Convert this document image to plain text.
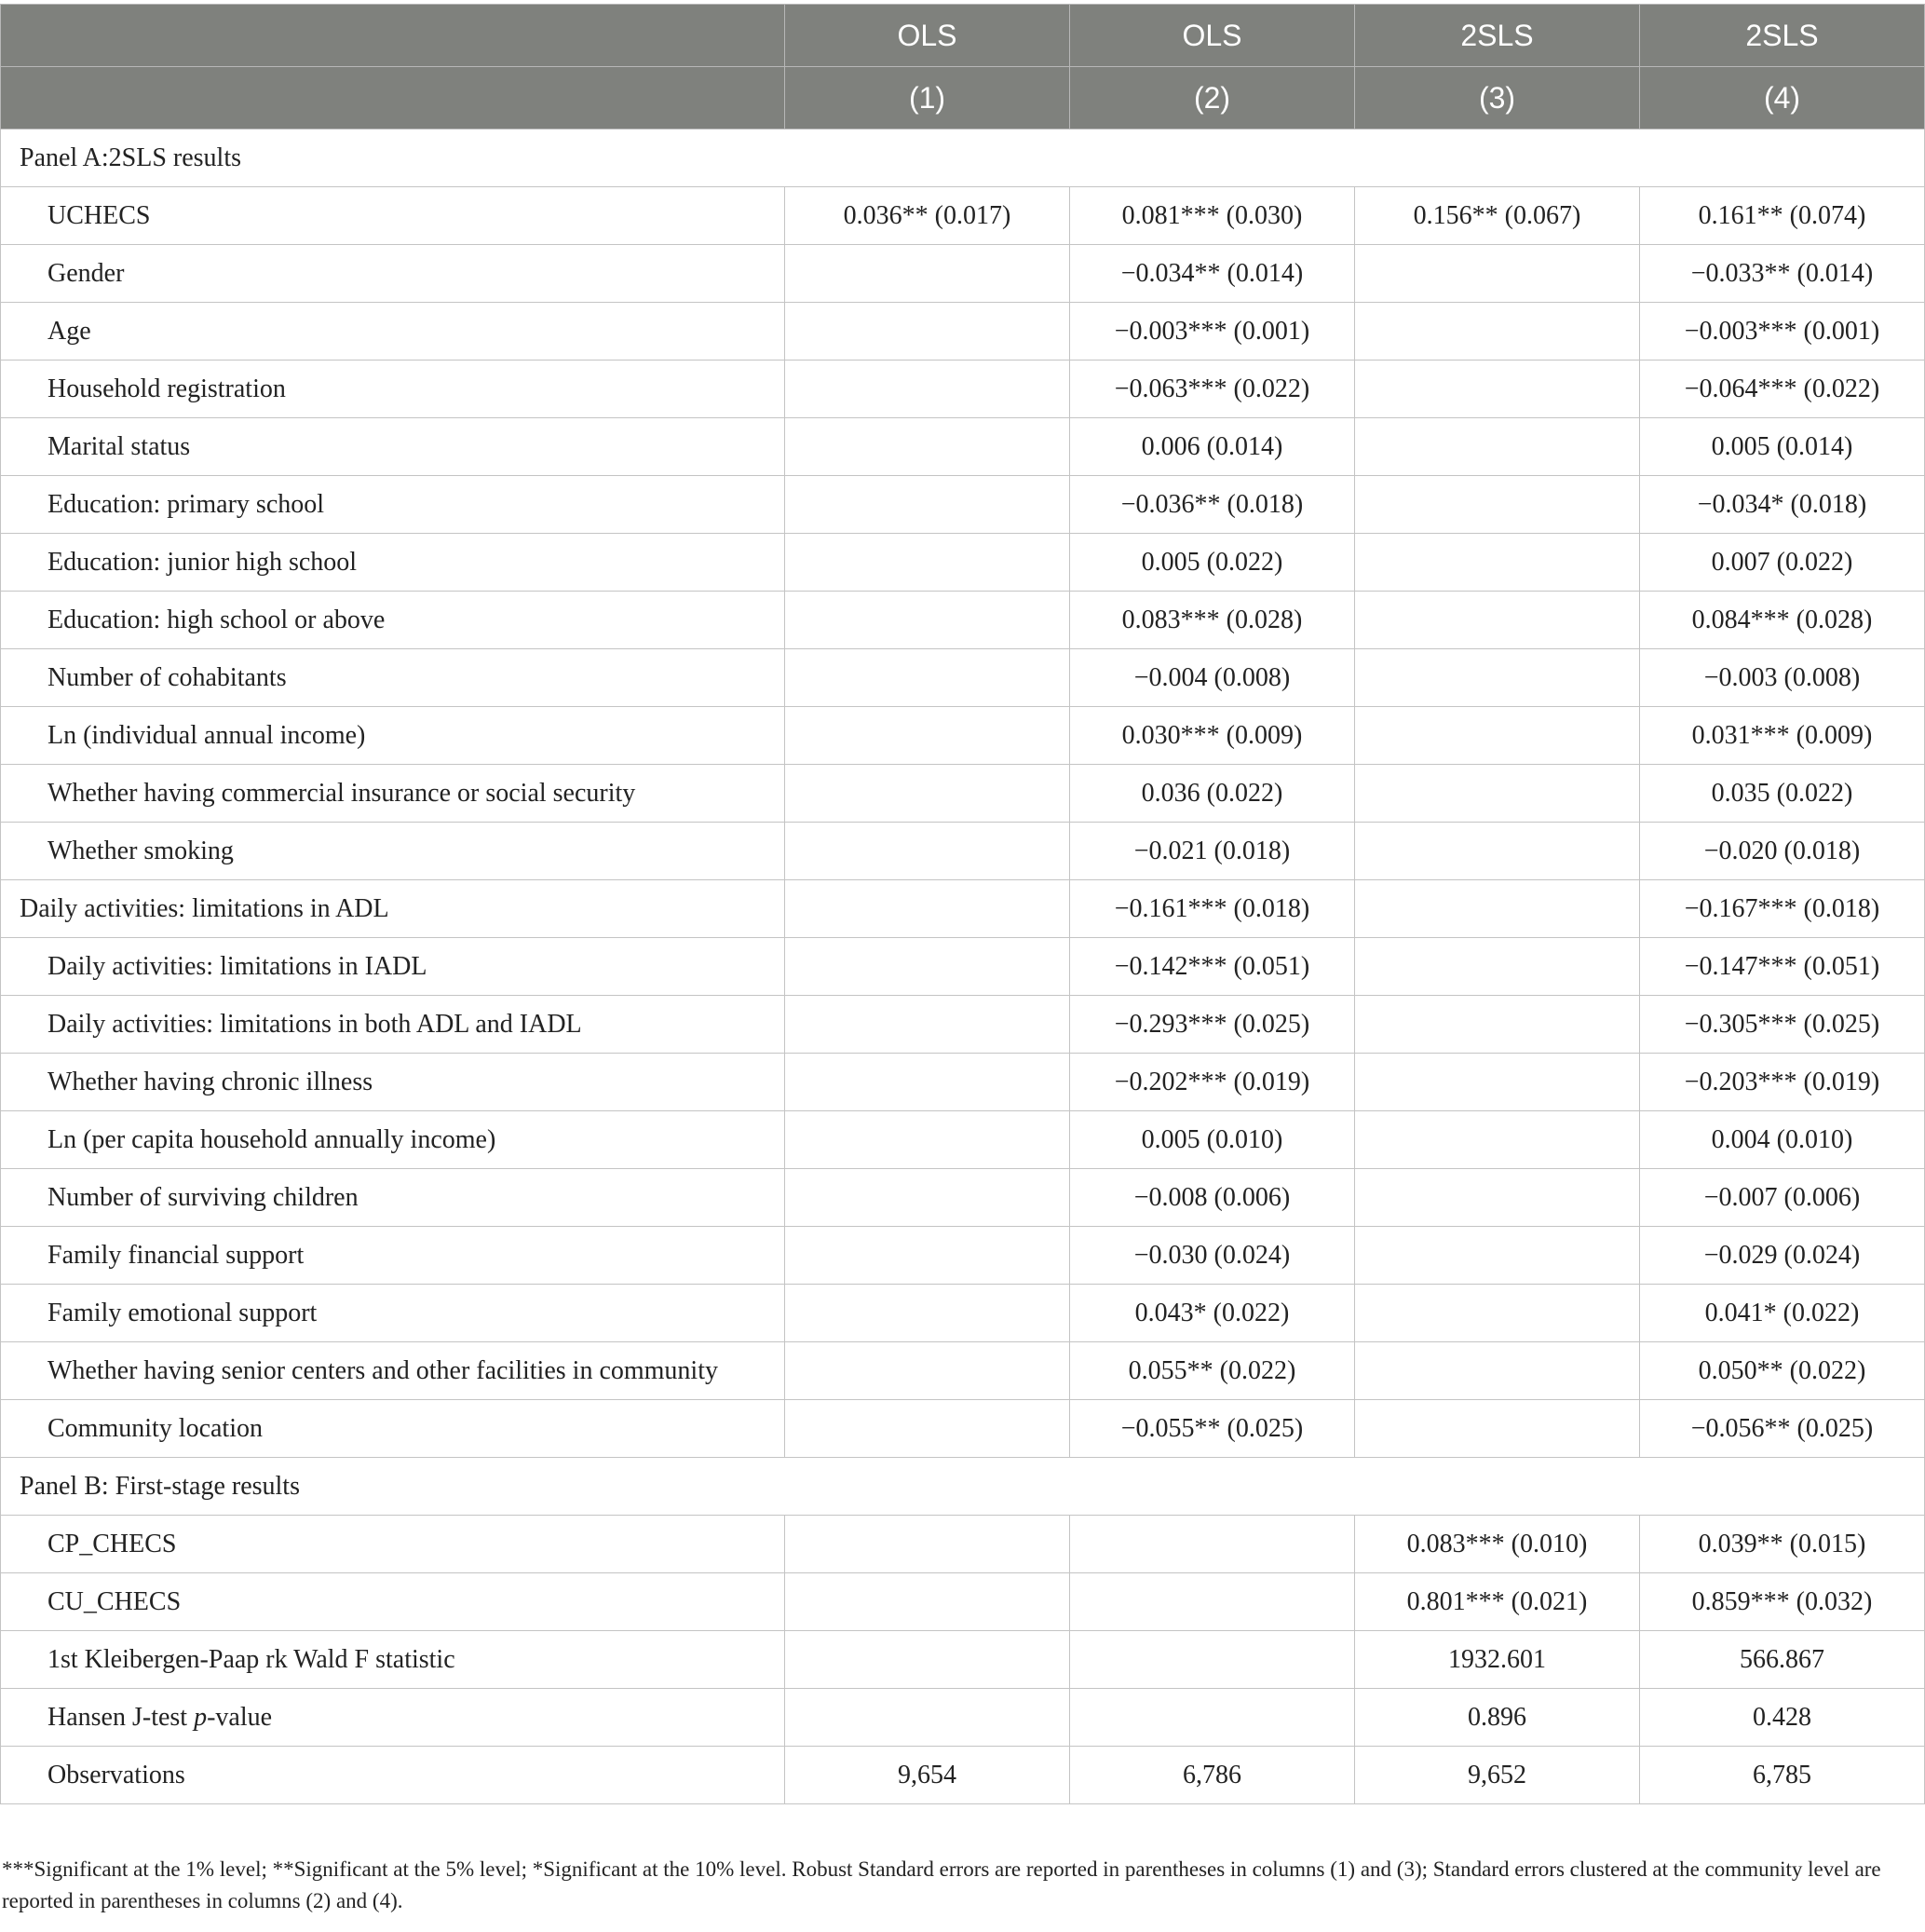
	OLS	OLS	2SLS	2SLS
	(1)	(2)	(3)	(4)
Panel A:2SLS results				
UCHECS	0.036** (0.017)	0.081*** (0.030)	0.156** (0.067)	0.161** (0.074)
Gender		−0.034** (0.014)		−0.033** (0.014)
Age		−0.003*** (0.001)		−0.003*** (0.001)
Household registration		−0.063*** (0.022)		−0.064*** (0.022)
Marital status		0.006 (0.014)		0.005 (0.014)
Education: primary school		−0.036** (0.018)		−0.034* (0.018)
Education: junior high school		0.005 (0.022)		0.007 (0.022)
Education: high school or above		0.083*** (0.028)		0.084*** (0.028)
Number of cohabitants		−0.004 (0.008)		−0.003 (0.008)
Ln (individual annual income)		0.030*** (0.009)		0.031*** (0.009)
Whether having commercial insurance or social security		0.036 (0.022)		0.035 (0.022)
Whether smoking		−0.021 (0.018)		−0.020 (0.018)
Daily activities: limitations in ADL		−0.161*** (0.018)		−0.167*** (0.018)
Daily activities: limitations in IADL		−0.142*** (0.051)		−0.147*** (0.051)
Daily activities: limitations in both ADL and IADL		−0.293*** (0.025)		−0.305*** (0.025)
Whether having chronic illness		−0.202*** (0.019)		−0.203*** (0.019)
Ln (per capita household annually income)		0.005 (0.010)		0.004 (0.010)
Number of surviving children		−0.008 (0.006)		−0.007 (0.006)
Family financial support		−0.030 (0.024)		−0.029 (0.024)
Family emotional support		0.043* (0.022)		0.041* (0.022)
Whether having senior centers and other facilities in community		0.055** (0.022)		0.050** (0.022)
Community location		−0.055** (0.025)		−0.056** (0.025)
Panel B: First-stage results				
CP_CHECS			0.083*** (0.010)	0.039** (0.015)
CU_CHECS			0.801*** (0.021)	0.859*** (0.032)
1st Kleibergen-Paap rk Wald F statistic			1932.601	566.867
Hansen J-test p-value			0.896	0.428
Observations	9,654	6,786	9,652	6,785
***Significant at the 1% level; **Significant at the 5% level; *Significant at the 10% level. Robust Standard errors are reported in parentheses in columns (1) and (3); Standard errors clustered at the community level are reported in parentheses in columns (2) and (4).
